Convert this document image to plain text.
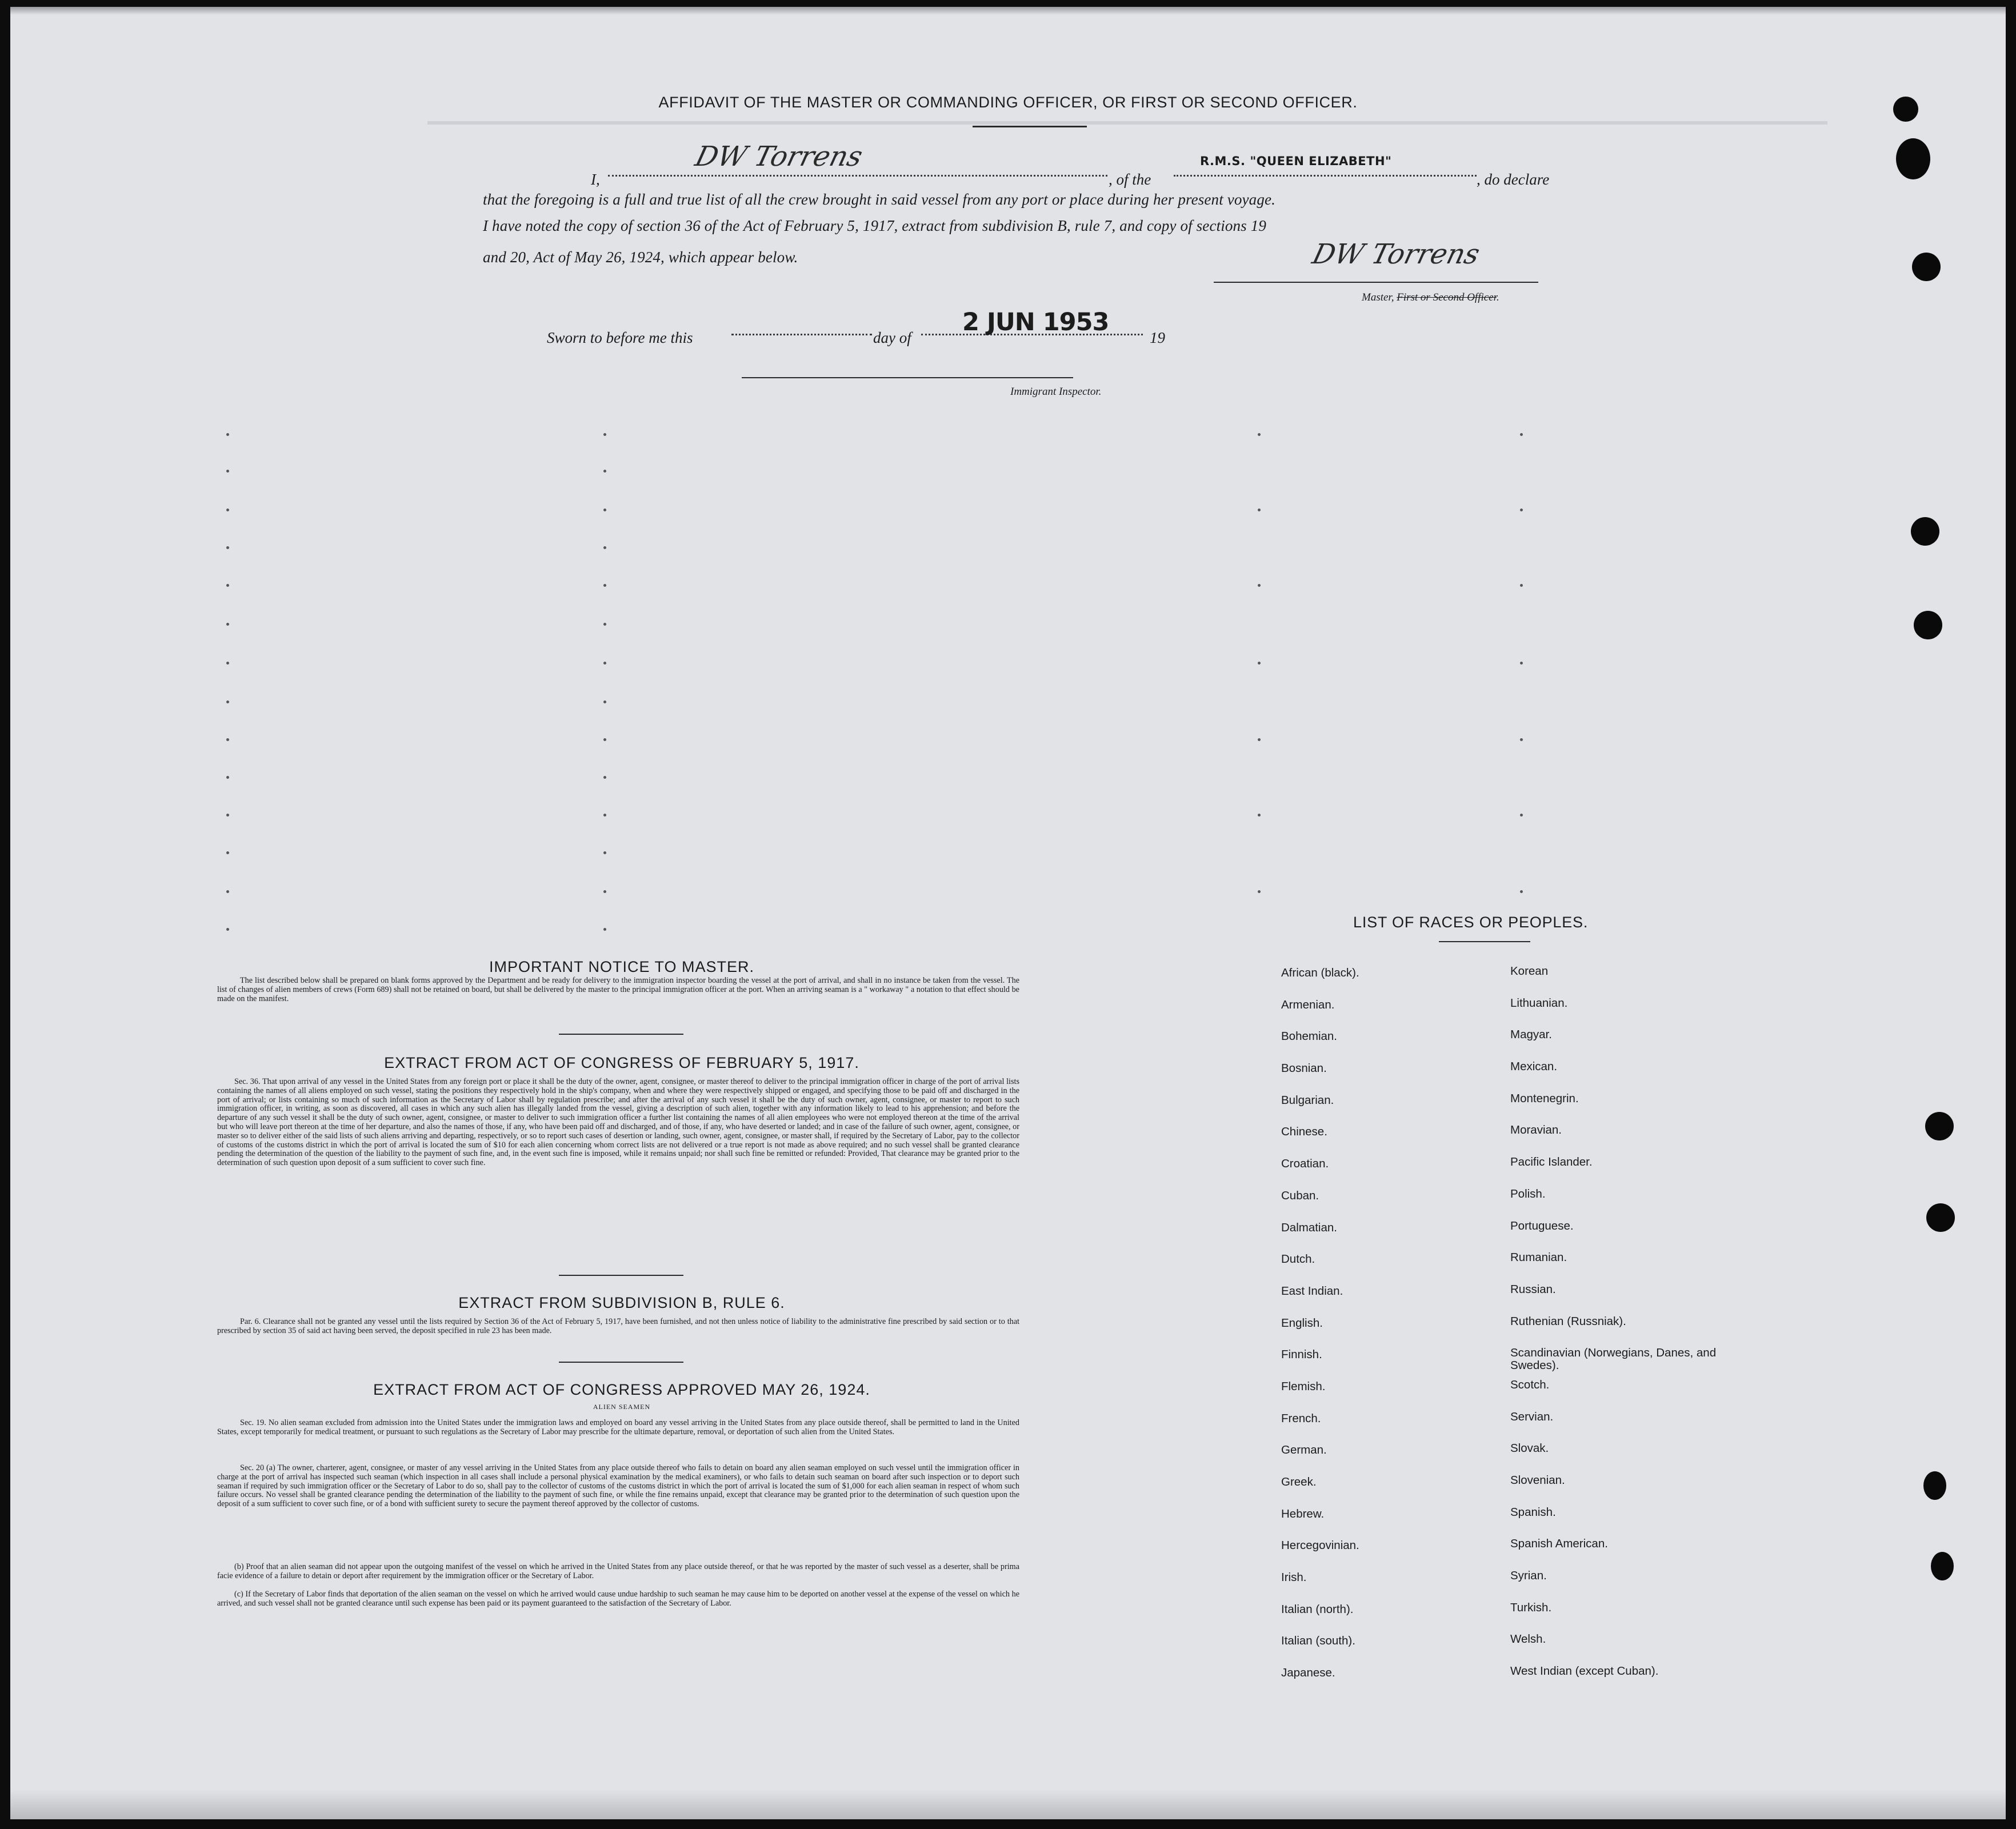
AFFIDAVIT OF THE MASTER OR COMMANDING OFFICER, OR FIRST OR SECOND OFFICER.
I,
DW Torrens
, of the
R.M.S. "QUEEN ELIZABETH"
, do declare
that the foregoing is a full and true list of all the crew brought in said vessel from any port or place during her present voyage.
I have noted the copy of section 36 of the Act of February 5, 1917, extract from subdivision B, rule 7, and copy of sections 19
and 20, Act of May 26, 1924, which appear below.	DW Torrens
Master, First or Second Officer.
Sworn to before me this	day of
2 JUN 1953
19
Immigrant Inspector.
IMPORTANT NOTICE TO MASTER.

The list described below shall be prepared on blank forms approved by the Department and be ready for delivery to the immigration inspector boarding the vessel at the port of arrival, and shall in no instance be taken from the vessel. The list of changes of alien members of crews (Form 689) shall not be retained on board, but shall be delivered by the master to the principal immigration officer at the port. When an arriving seaman is a " workaway " a notation to that effect should be made on the manifest.

EXTRACT FROM ACT OF CONGRESS OF FEBRUARY 5, 1917.

Sec. 36. That upon arrival of any vessel in the United States from any foreign port or place it shall be the duty of the owner, agent, consignee, or master thereof to deliver to the principal immigration officer in charge of the port of arrival lists containing the names of all aliens employed on such vessel, stating the positions they respectively hold in the ship's company, when and where they were respectively shipped or engaged, and specifying those to be paid off and discharged in the port of arrival; or lists containing so much of such information as the Secretary of Labor shall by regulation prescribe; and after the arrival of any such vessel it shall be the duty of such owner, agent, consignee, or master to report to such immigration officer, in writing, as soon as discovered, all cases in which any such alien has illegally landed from the vessel, giving a description of such alien, together with any information likely to lead to his apprehension; and before the departure of any such vessel it shall be the duty of such owner, agent, consignee, or master to deliver to such immigration officer a further list containing the names of all alien employees who were not employed thereon at the time of the arrival but who will leave port thereon at the time of her departure, and also the names of those, if any, who have been paid off and discharged, and of those, if any, who have deserted or landed; and in case of the failure of such owner, agent, consignee, or master so to deliver either of the said lists of such aliens arriving and departing, respectively, or so to report such cases of desertion or landing, such owner, agent, consignee, or master shall, if required by the Secretary of Labor, pay to the collector of customs of the customs district in which the port of arrival is located the sum of $10 for each alien concerning whom correct lists are not delivered or a true report is not made as above required; and no such vessel shall be granted clearance pending the determination of the question of the liability to the payment of such fine, and, in the event such fine is imposed, while it remains unpaid; nor shall such fine be remitted or refunded: Provided, That clearance may be granted prior to the determination of such question upon deposit of a sum sufficient to cover such fine.

EXTRACT FROM SUBDIVISION B, RULE 6.

Par. 6. Clearance shall not be granted any vessel until the lists required by Section 36 of the Act of February 5, 1917, have been furnished, and not then unless notice of liability to the administrative fine prescribed by said section or to that prescribed by section 35 of said act having been served, the deposit specified in rule 23 has been made.

EXTRACT FROM ACT OF CONGRESS APPROVED MAY 26, 1924.
ALIEN SEAMEN

Sec. 19. No alien seaman excluded from admission into the United States under the immigration laws and employed on board any vessel arriving in the United States from any place outside thereof, shall be permitted to land in the United States, except temporarily for medical treatment, or pursuant to such regulations as the Secretary of Labor may prescribe for the ultimate departure, removal, or deportation of such alien from the United States.

Sec. 20 (a) The owner, charterer, agent, consignee, or master of any vessel arriving in the United States from any place outside thereof who fails to detain on board any alien seaman employed on such vessel until the immigration officer in charge at the port of arrival has inspected such seaman (which inspection in all cases shall include a personal physical examination by the medical examiners), or who fails to detain such seaman on board after such inspection or to deport such seaman if required by such immigration officer or the Secretary of Labor to do so, shall pay to the collector of customs of the customs district in which the port of arrival is located the sum of $1,000 for each alien seaman in respect of whom such failure occurs. No vessel shall be granted clearance pending the determination of the liability to the payment of such fine, or while the fine remains unpaid, except that clearance may be granted prior to the determination of such question upon the deposit of a sum sufficient to cover such fine, or of a bond with sufficient surety to secure the payment thereof approved by the collector of customs.

(b) Proof that an alien seaman did not appear upon the outgoing manifest of the vessel on which he arrived in the United States from any place outside thereof, or that he was reported by the master of such vessel as a deserter, shall be prima facie evidence of a failure to detain or deport after requirement by the immigration officer or the Secretary of Labor.

(c) If the Secretary of Labor finds that deportation of the alien seaman on the vessel on which he arrived would cause undue hardship to such seaman he may cause him to be deported on another vessel at the expense of the vessel on which he arrived, and such vessel shall not be granted clearance until such expense has been paid or its payment guaranteed to the satisfaction of the Secretary of Labor.

LIST OF RACES OR PEOPLES.
African (black).
Armenian.
Bohemian.
Bosnian.
Bulgarian.
Chinese.
Croatian.
Cuban.
Dalmatian.
Dutch.
East Indian.
English.
Finnish.
Flemish.
French.
German.
Greek.
Hebrew.
Hercegovinian.
Irish.
Italian (north).
Italian (south).
Japanese.
Korean
Lithuanian.
Magyar.
Mexican.
Montenegrin.
Moravian.
Pacific Islander.
Polish.
Portuguese.
Rumanian.
Russian.
Ruthenian (Russniak).
Scandinavian (Norwegians, Danes, and Swedes).
Scotch.
Servian.
Slovak.
Slovenian.
Spanish.
Spanish American.
Syrian.
Turkish.
Welsh.
West Indian (except Cuban).
